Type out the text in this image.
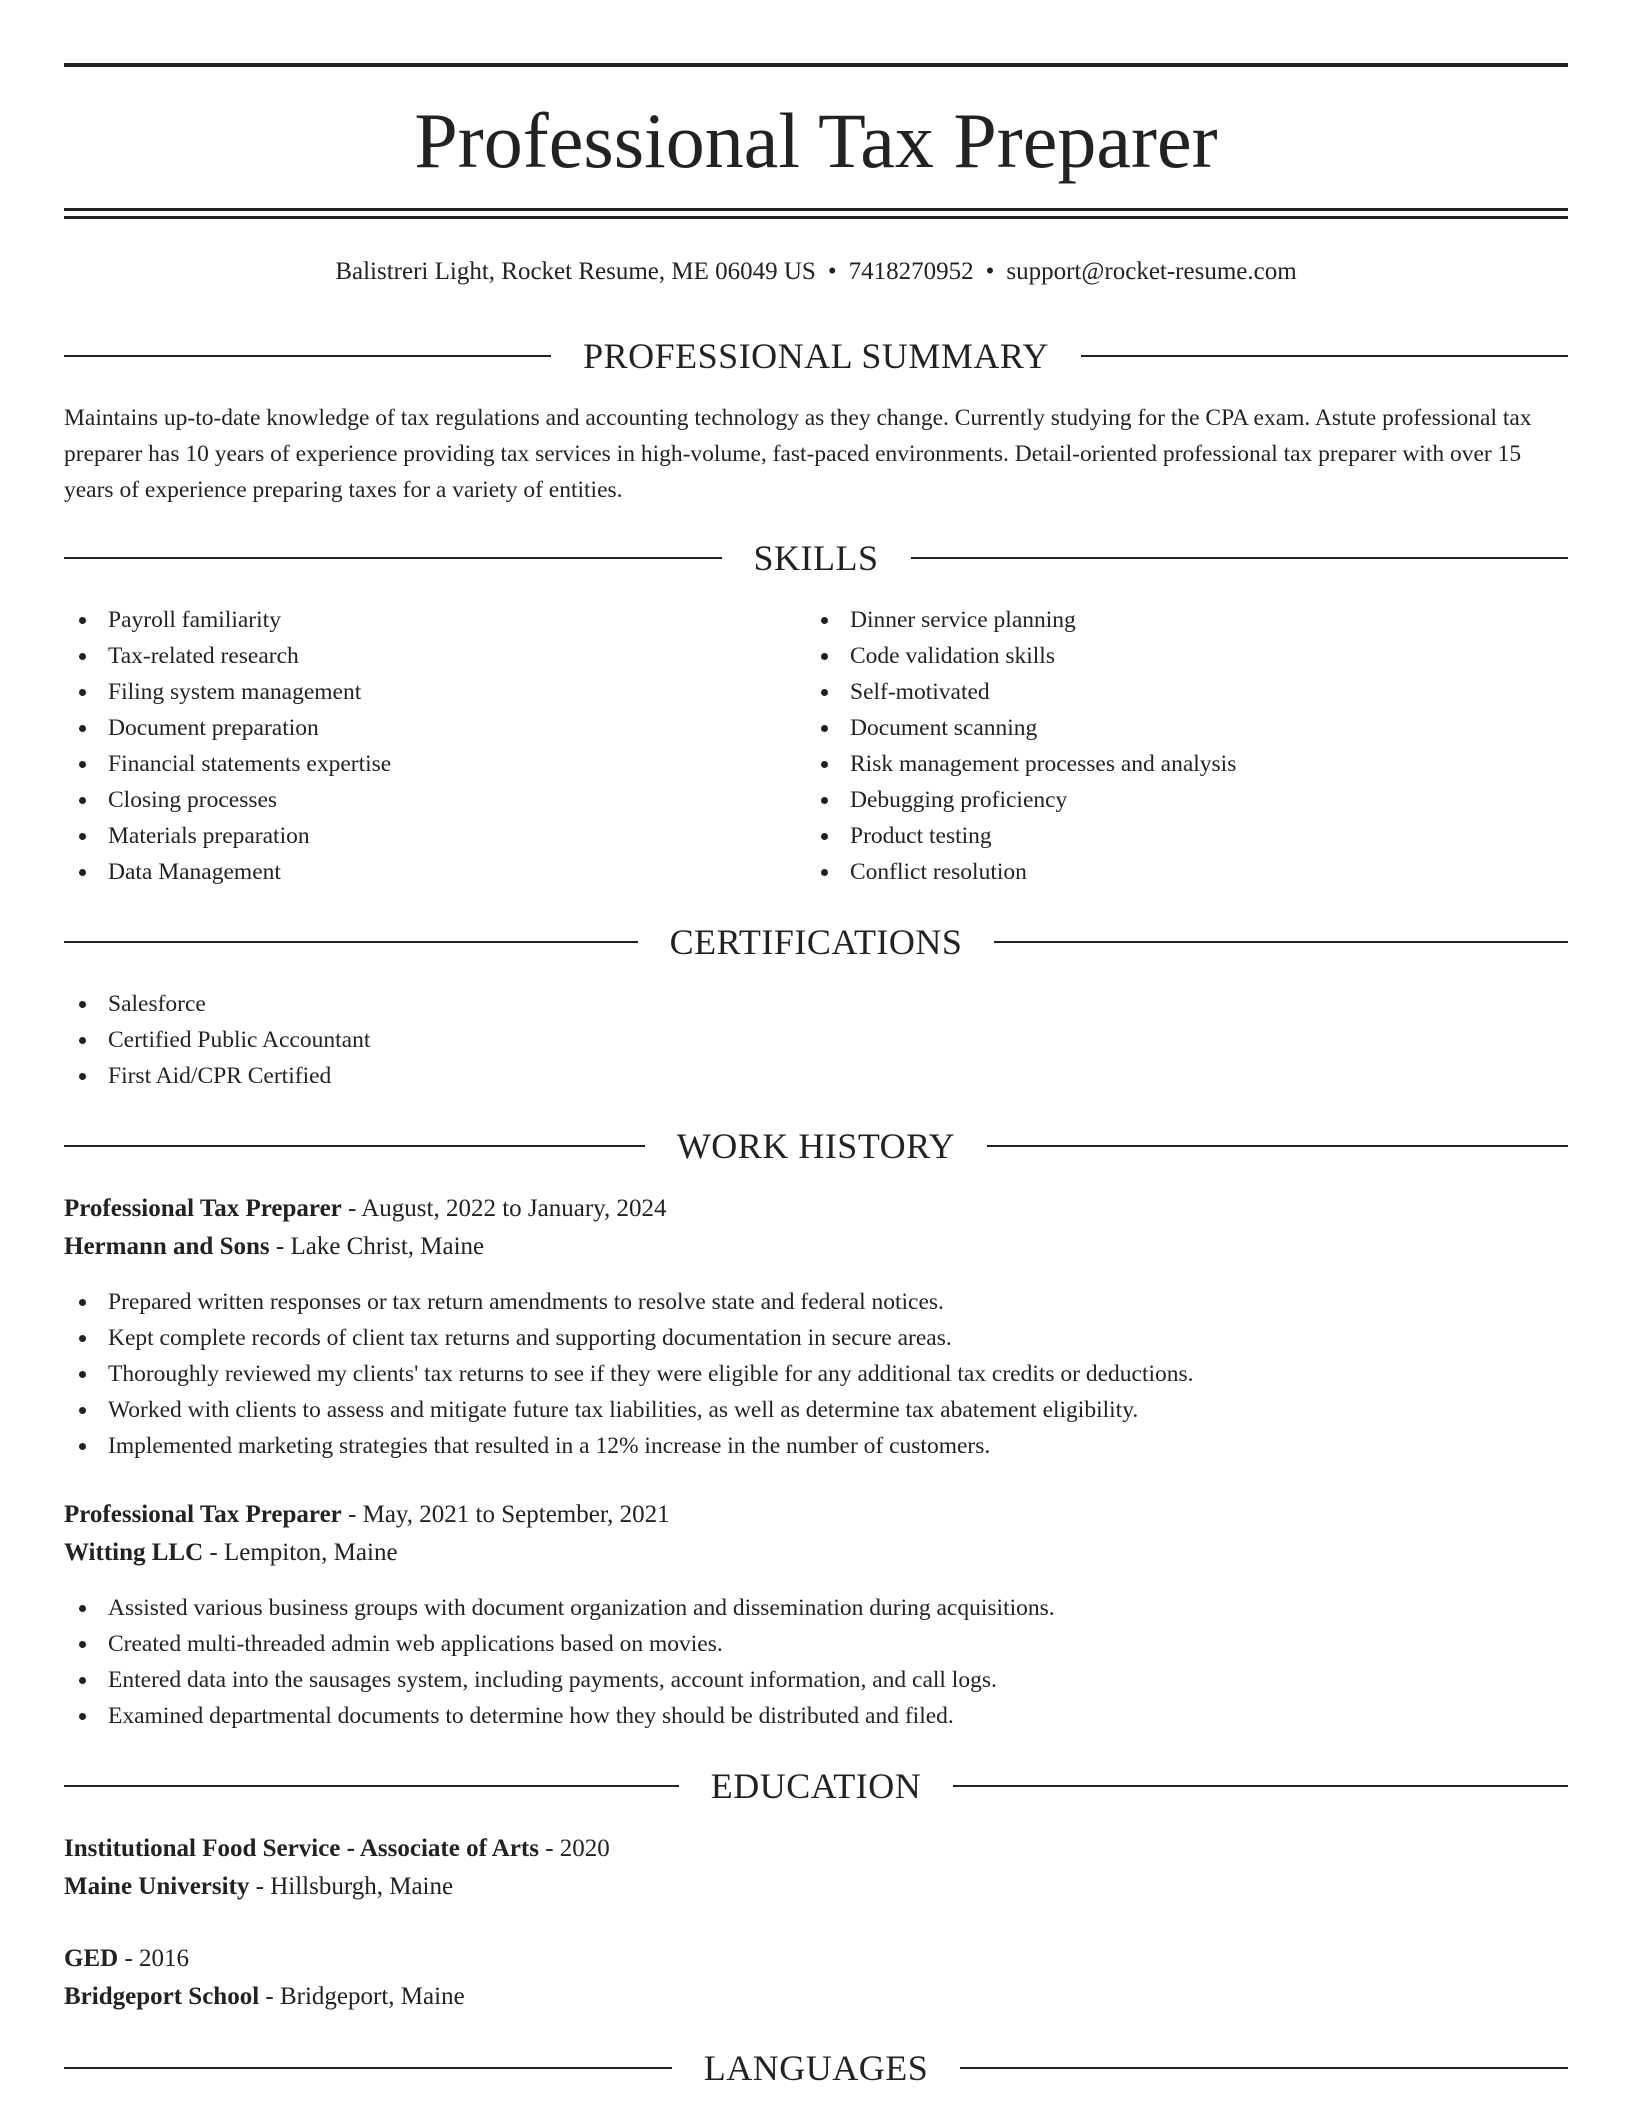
Professional Tax Preparer
Balistreri Light, Rocket Resume, ME 06049 US • 7418270952 • support@rocket-resume.com
PROFESSIONAL SUMMARY
Maintains up-to-date knowledge of tax regulations and accounting technology as they change. Currently studying for the CPA exam. Astute professional tax preparer has 10 years of experience providing tax services in high-volume, fast-paced environments. Detail-oriented professional tax preparer with over 15 years of experience preparing taxes for a variety of entities.
SKILLS
Payroll familiarity
Tax-related research
Filing system management
Document preparation
Financial statements expertise
Closing processes
Materials preparation
Data Management
Dinner service planning
Code validation skills
Self-motivated
Document scanning
Risk management processes and analysis
Debugging proficiency
Product testing
Conflict resolution
CERTIFICATIONS
Salesforce
Certified Public Accountant
First Aid/CPR Certified
WORK HISTORY
Professional Tax Preparer - August, 2022 to January, 2024
Hermann and Sons - Lake Christ, Maine
Prepared written responses or tax return amendments to resolve state and federal notices.
Kept complete records of client tax returns and supporting documentation in secure areas.
Thoroughly reviewed my clients' tax returns to see if they were eligible for any additional tax credits or deductions.
Worked with clients to assess and mitigate future tax liabilities, as well as determine tax abatement eligibility.
Implemented marketing strategies that resulted in a 12% increase in the number of customers.
Professional Tax Preparer - May, 2021 to September, 2021
Witting LLC - Lempiton, Maine
Assisted various business groups with document organization and dissemination during acquisitions.
Created multi-threaded admin web applications based on movies.
Entered data into the sausages system, including payments, account information, and call logs.
Examined departmental documents to determine how they should be distributed and filed.
EDUCATION
Institutional Food Service - Associate of Arts - 2020
Maine University - Hillsburgh, Maine
GED - 2016
Bridgeport School - Bridgeport, Maine
LANGUAGES
